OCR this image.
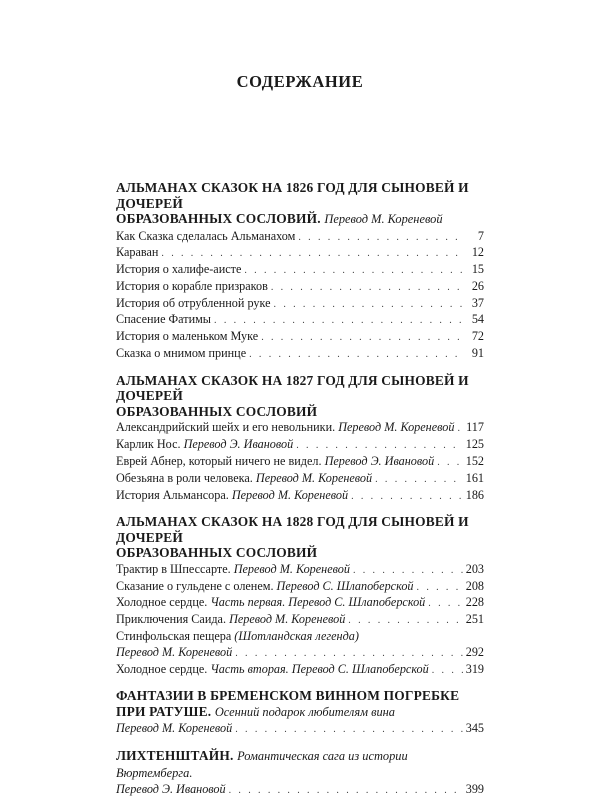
СОДЕРЖАНИЕ
АЛЬМАНАХ СКАЗОК НА 1826 ГОД ДЛЯ СЫНОВЕЙ И ДОЧЕРЕЙ
ОБРАЗОВАННЫХ СОСЛОВИЙ. Перевод М. Кореневой
Как Сказка сделалась Альманахом . . .	7
Караван . . .	12
История о халифе-аисте . . .	15
История о корабле призраков . . .	26
История об отрубленной руке . . .	37
Спасение Фатимы . . .	54
История о маленьком Муке . . .	72
Сказка о мнимом принце . . .	91
АЛЬМАНАХ СКАЗОК НА 1827 ГОД ДЛЯ СЫНОВЕЙ И ДОЧЕРЕЙ
ОБРАЗОВАННЫХ СОСЛОВИЙ
Александрийский шейх и его невольники. Перевод М. Кореневой . . . 117
Карлик Нос. Перевод Э. Ивановой . . .	125
Еврей Абнер, который ничего не видел. Перевод Э. Ивановой . . .	152
Обезьяна в роли человека. Перевод М. Кореневой . . .	161
История Альмансора. Перевод М. Кореневой . . .	186
АЛЬМАНАХ СКАЗОК НА 1828 ГОД ДЛЯ СЫНОВЕЙ И ДОЧЕРЕЙ
ОБРАЗОВАННЫХ СОСЛОВИЙ
Трактир в Шпессарте. Перевод М. Кореневой . . .	203
Сказание о гульдене с оленем. Перевод С. Шлапоберской . . .	208
Холодное сердце. Часть первая. Перевод С. Шлапоберской . . .	228
Приключения Саида. Перевод М. Кореневой . . .	251
Стинфольская пещера (Шотландская легенда)
Перевод М. Кореневой . . .	292
Холодное сердце. Часть вторая. Перевод С. Шлапоберской . . .	319
ФАНТАЗИИ В БРЕМЕНСКОМ ВИННОМ ПОГРЕБКЕ
ПРИ РАТУШЕ. Осенний подарок любителям вина
Перевод М. Кореневой . . .	345
ЛИХТЕНШТАЙН. Романтическая сага из истории Вюртемберга.
Перевод Э. Ивановой . . .	399
